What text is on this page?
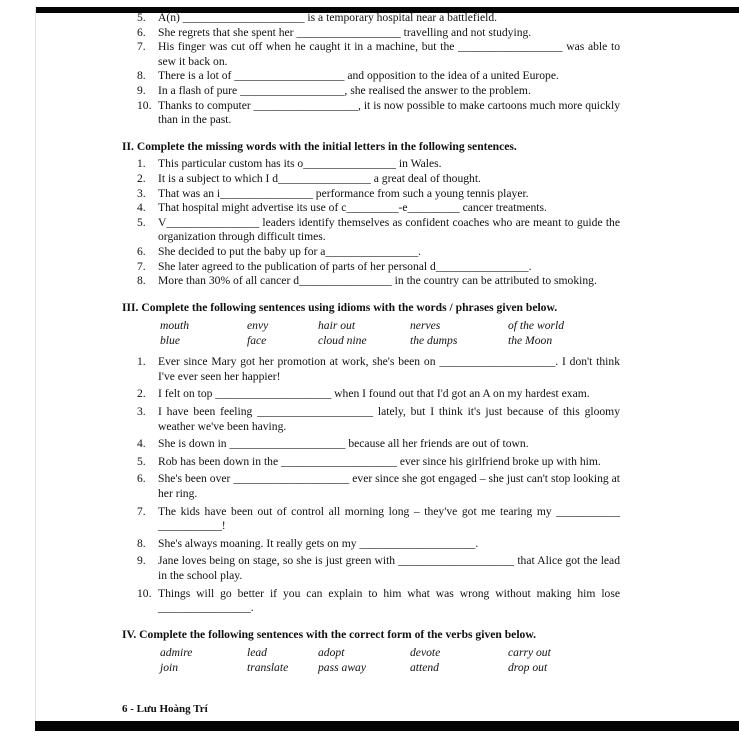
5.	A(n) _____________________ is a temporary hospital near a battlefield.
6.	She regrets that she spent her __________________ travelling and not studying.
7.	His finger was cut off when he caught it in a machine, but the __________________ was able to sew it back on.
8.	There is a lot of ___________________ and opposition to the idea of a united Europe.
9.	In a flash of pure __________________, she realised the answer to the problem.
10. Thanks to computer __________________, it is now possible to make cartoons much more quickly than in the past.
II. Complete the missing words with the initial letters in the following sentences.
1.	This particular custom has its o________________ in Wales.
2.	It is a subject to which I d________________ a great deal of thought.
3.	That was an i________________ performance from such a young tennis player.
4.	That hospital might advertise its use of c_________-e_________ cancer treatments.
5.	V________________ leaders identify themselves as confident coaches who are meant to guide the organization through difficult times.
6.	She decided to put the baby up for a________________.
7.	She later agreed to the publication of parts of her personal d________________.
8.	More than 30% of all cancer d________________ in the country can be attributed to smoking.
III. Complete the following sentences using idioms with the words / phrases given below.
mouth	envy	hair out	nerves	of the world
blue	face	cloud nine	the dumps	the Moon
1.	Ever since Mary got her promotion at work, she's been on ____________________. I don't think I've ever seen her happier!
2.	I felt on top ____________________ when I found out that I'd got an A on my hardest exam.
3.	I have been feeling ____________________ lately, but I think it's just because of this gloomy weather we've been having.
4.	She is down in ____________________ because all her friends are out of town.
5.	Rob has been down in the ____________________ ever since his girlfriend broke up with him.
6.	She's been over ____________________ ever since she got engaged – she just can't stop looking at her ring.
7.	The kids have been out of control all morning long – they've got me tearing my ___________ ___________!
8.	She's always moaning. It really gets on my ____________________.
9.	Jane loves being on stage, so she is just green with ____________________ that Alice got the lead in the school play.
10. Things will go better if you can explain to him what was wrong without making him lose ________________.
IV. Complete the following sentences with the correct form of the verbs given below.
admire	lead	adopt	devote	carry out
join	translate	pass away	attend	drop out
6 - Lưu Hoàng Trí
